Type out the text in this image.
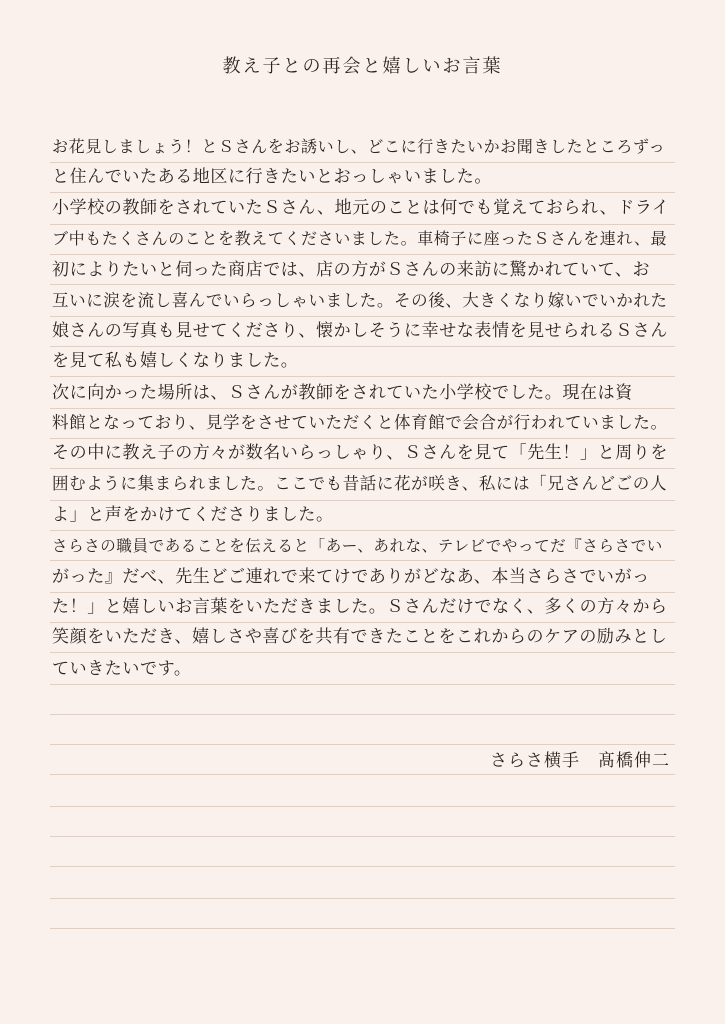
教え子との再会と嬉しいお言葉
お花見しましょう！とＳさんをお誘いし、どこに行きたいかお聞きしたところずっ
と住んでいたある地区に行きたいとおっしゃいました。
小学校の教師をされていたＳさん、地元のことは何でも覚えておられ、ドライ
ブ中もたくさんのことを教えてくださいました。車椅子に座ったＳさんを連れ、最
初によりたいと伺った商店では、店の方がＳさんの来訪に驚かれていて、お
互いに涙を流し喜んでいらっしゃいました。その後、大きくなり嫁いでいかれた
娘さんの写真も見せてくださり、懐かしそうに幸せな表情を見せられるＳさん
を見て私も嬉しくなりました。
次に向かった場所は、Ｓさんが教師をされていた小学校でした。現在は資
料館となっており、見学をさせていただくと体育館で会合が行われていました。
その中に教え子の方々が数名いらっしゃり、Ｓさんを見て「先生！」と周りを
囲むように集まられました。ここでも昔話に花が咲き、私には「兄さんどごの人
よ」と声をかけてくださりました。
さらさの職員であることを伝えると「あー、あれな、テレビでやってだ『さらさでい
がった』だべ、先生どご連れで来てけでありがどなあ、本当さらさでいがっ
た！」と嬉しいお言葉をいただきました。Ｓさんだけでなく、多くの方々から
笑顔をいただき、嬉しさや喜びを共有できたことをこれからのケアの励みとし
ていきたいです。
さらさ横手　髙橋伸二
